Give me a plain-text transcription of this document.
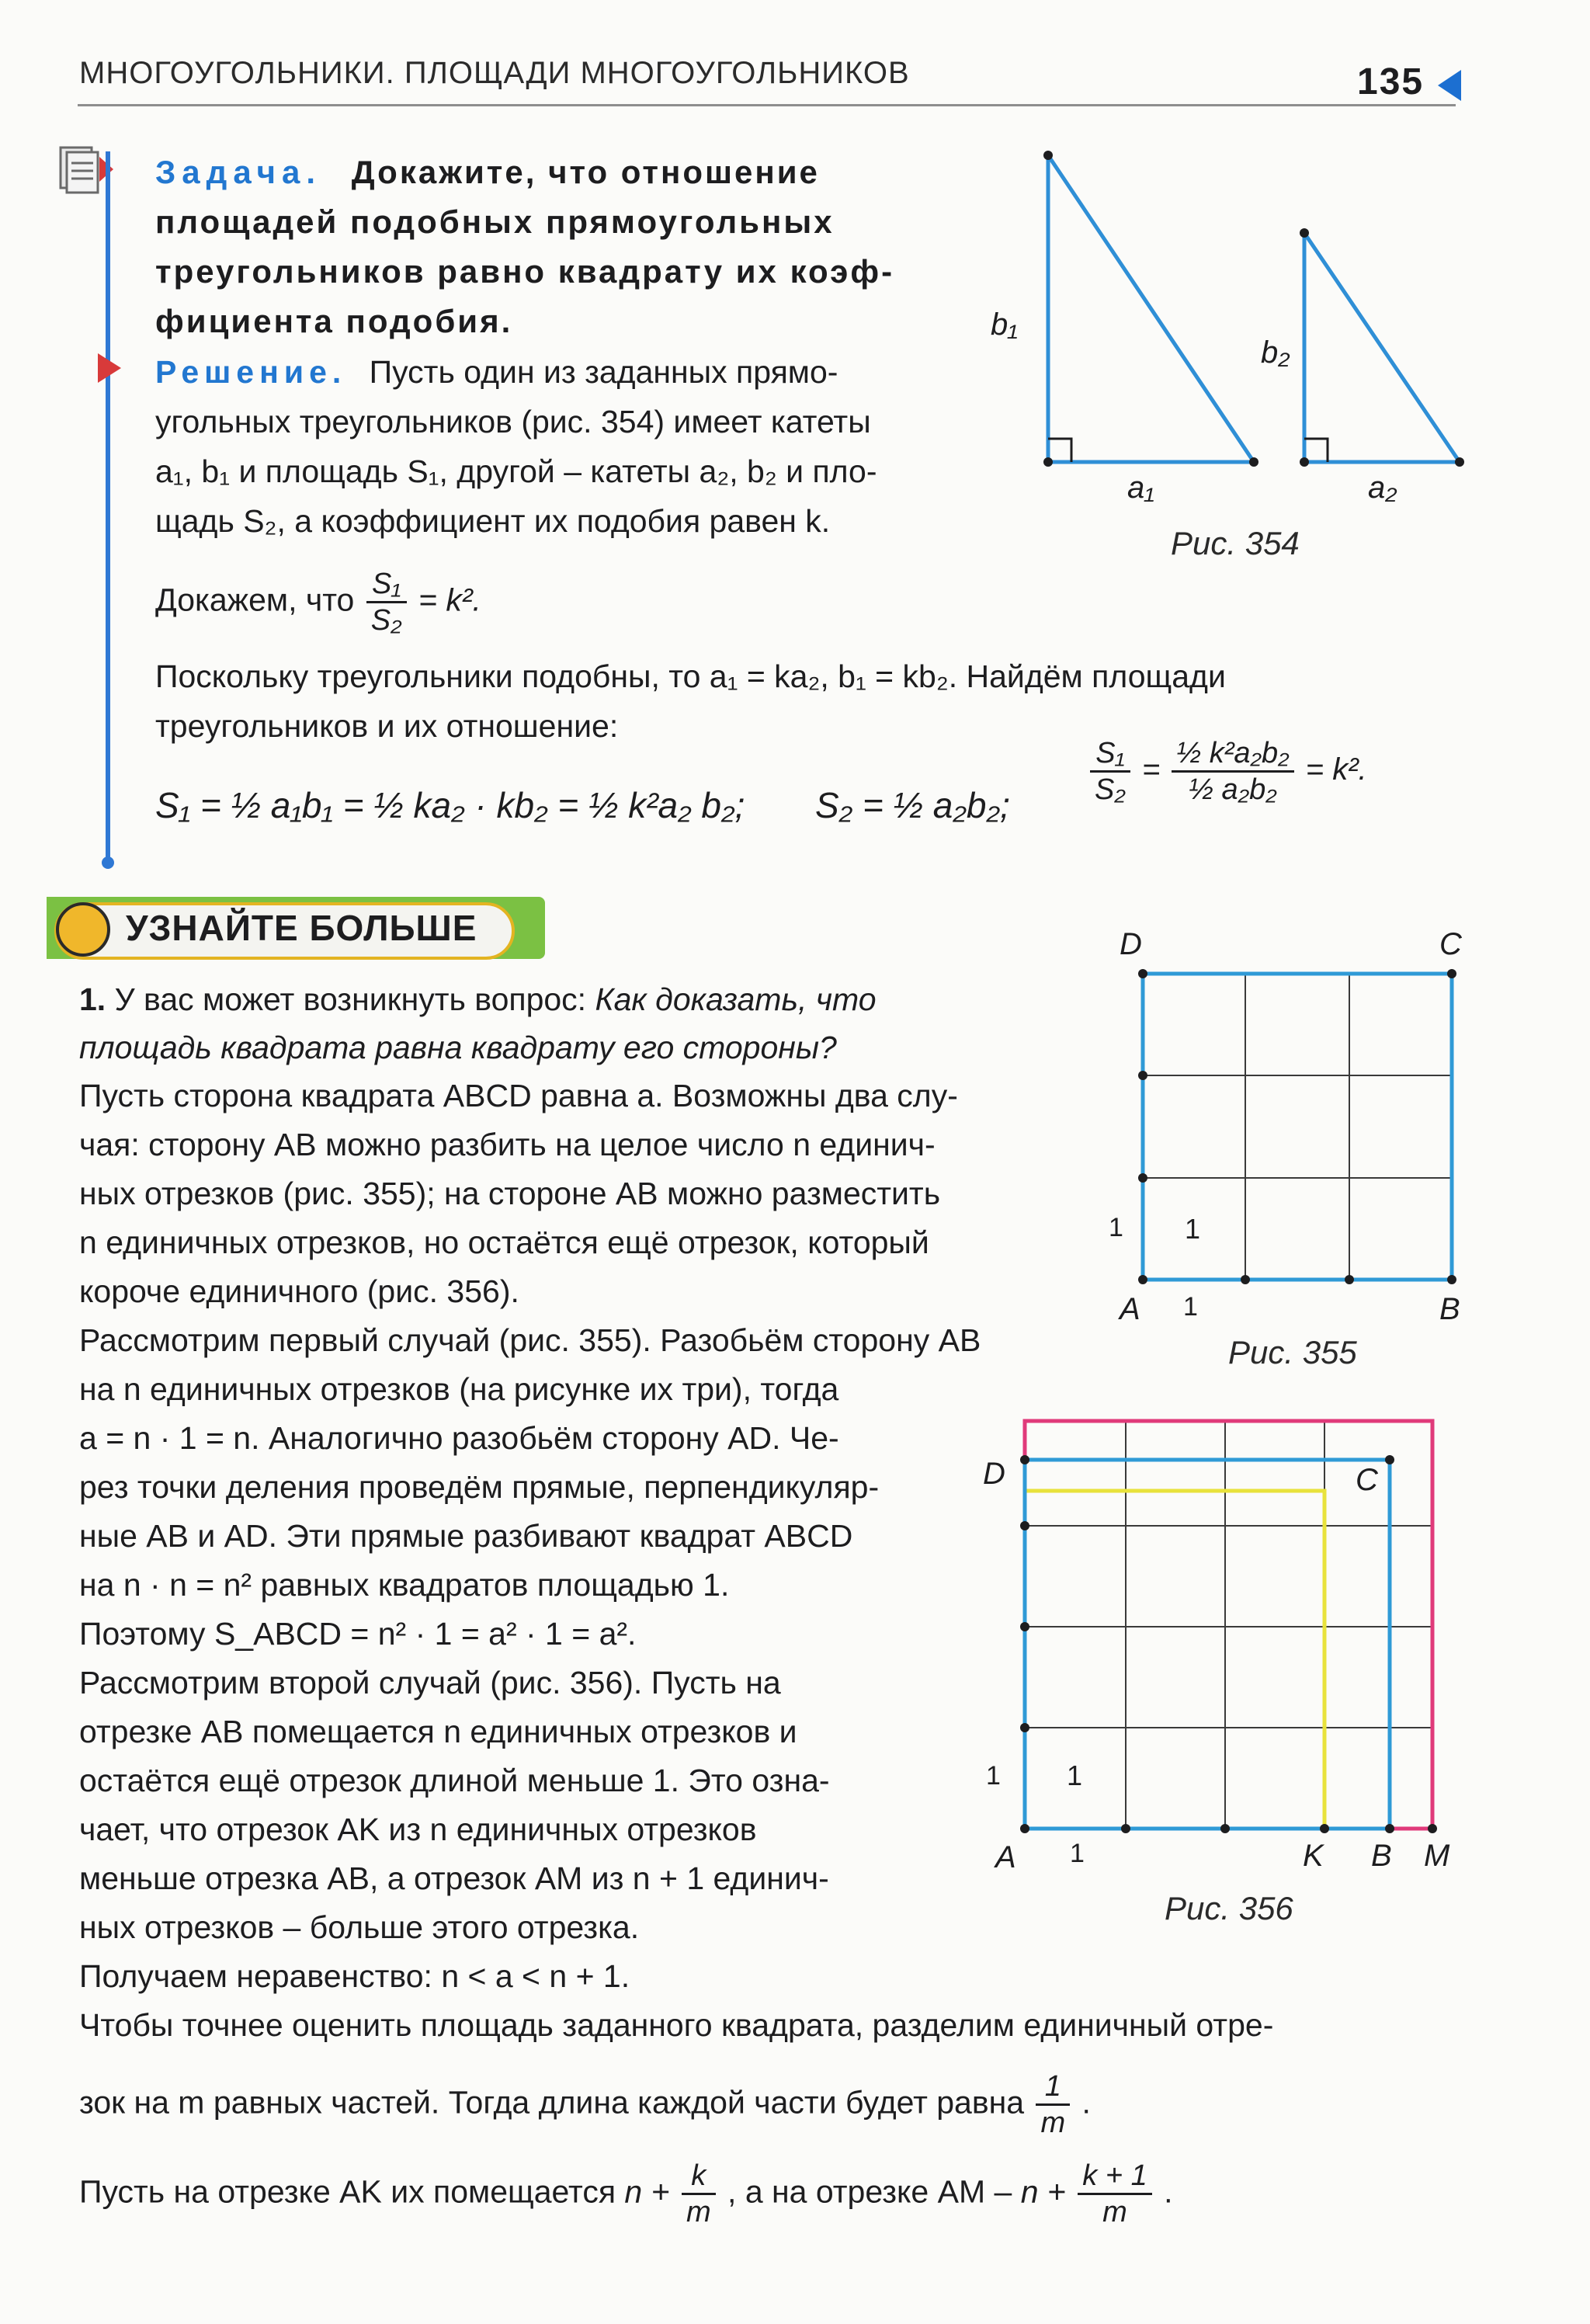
МНОГОУГОЛЬНИКИ. ПЛОЩАДИ МНОГОУГОЛЬНИКОВ	135
Задача. Докажите, что отношение
площадей подобных прямоугольных
треугольников равно квадрату их коэф-
фициента подобия.
Решение. Пусть один из заданных прямо-
угольных треугольников (рис. 354) имеет катеты
a₁, b₁ и площадь S₁, другой – катеты a₂, b₂ и пло-
щадь S₂, а коэффициент их подобия равен k.
Докажем, что $\frac{\text{S₁}}{\text{S₂}} = k^2$.
Поскольку треугольники подобны, то a₁ = ka₂, b₁ = kb₂. Найдём площади
треугольников и их отношение:
S₁ = ½ a₁b₁ = ½ ka₂ · kb₂ = ½ k²a₂ b₂; S₂ = ½ a₂b₂;	$\frac{\text{S₁}}{\text{S₂}} = \frac{\text{½ k²a₂b₂}}{\text{½ a₂b₂}} = k^2$.
b₁
a₁
b₂
a₂
Рис. 354
УЗНАЙТЕ БОЛЬШЕ
1. У вас может возникнуть вопрос: Как доказать, что
площадь квадрата равна квадрату его стороны?
Пусть сторона квадрата ABCD равна a. Возможны два слу-
чая: сторону AB можно разбить на целое число n единич-
ных отрезков (рис. 355); на стороне AB можно разместить
n единичных отрезков, но остаётся ещё отрезок, который
короче единичного (рис. 356).
Рассмотрим первый случай (рис. 355). Разобьём сторону AB
на n единичных отрезков (на рисунке их три), тогда
a = n · 1 = n. Аналогично разобьём сторону AD. Че-
рез точки деления проведём прямые, перпендикуляр-
ные AB и AD. Эти прямые разбивают квадрат ABCD
на n · n = n² равных квадратов площадью 1.
Поэтому S_ABCD = n² · 1 = a² · 1 = a².
Рассмотрим второй случай (рис. 356). Пусть на
отрезке AB помещается n единичных отрезков и
остаётся ещё отрезок длиной меньше 1. Это озна-
чает, что отрезок AK из n единичных отрезков
меньше отрезка AB, а отрезок AM из n + 1 единич-
ных отрезков – больше этого отрезка.
Получаем неравенство: n < a < n + 1.
Чтобы точнее оценить площадь заданного квадрата, разделим единичный отре-
зок на m равных частей. Тогда длина каждой части будет равна $\frac{1}{m}$ .
Пусть на отрезке AK их помещается $n + \frac{k}{m}$ , а на отрезке AM – $n + \frac{k + 1}{m}$ .
D	C
A	B
1 1
1
Рис. 355
D	C
A	K B M
1 1
1
Рис. 356
